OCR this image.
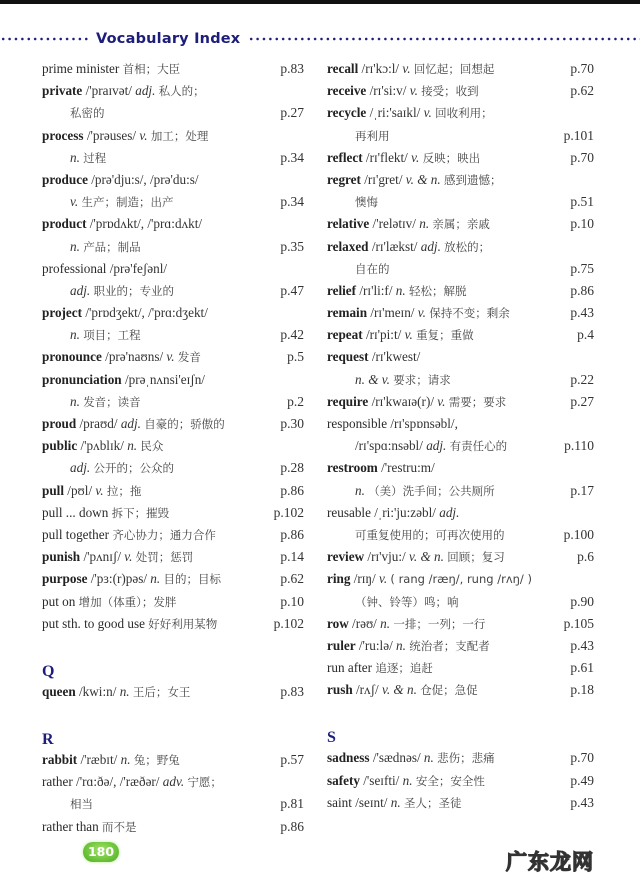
Vocabulary Index
prime minister 首相；大臣	p.83
private /'praɪvət/ adj. 私人的；
私密的	p.27
process /'prəuses/ v. 加工；处理
n. 过程	p.34
produce /prə'dju:s/, /prə'du:s/
v. 生产；制造；出产	p.34
product /'prɒdʌkt/, /'prɑ:dʌkt/
n. 产品；制品	p.35
professional /prə'feʃənl/
adj. 职业的；专业的	p.47
project /'prɒdʒekt/, /'prɑ:dʒekt/
n. 项目；工程	p.42
pronounce /prə'naʊns/ v. 发音	p.5
pronunciation /prəˌnʌnsi'eɪʃn/
n. 发音；读音	p.2
proud /praʊd/ adj. 自豪的；骄傲的	p.30
public /'pʌblɪk/ n. 民众
adj. 公开的；公众的	p.28
pull /pʊl/ v. 拉；拖	p.86
pull ... down 拆下；摧毁	p.102
pull together 齐心协力；通力合作	p.86
punish /'pʌnɪʃ/ v. 处罚；惩罚	p.14
purpose /'pɜ:(r)pəs/ n. 目的；目标	p.62
put on 增加（体重）；发胖	p.10
put sth. to good use 好好利用某物	p.102
Q
queen /kwi:n/ n. 王后；女王	p.83
R
rabbit /'ræbɪt/ n. 兔；野兔	p.57
rather /'rɑ:ðə/, /'ræðər/ adv. 宁愿；
相当	p.81
rather than 而不是	p.86
recall /rɪ'kɔ:l/ v. 回忆起；回想起	p.70
receive /rɪ'si:v/ v. 接受；收到	p.62
recycle /ˌri:'saɪkl/ v. 回收利用；
再利用	p.101
reflect /rɪ'flekt/ v. 反映；映出	p.70
regret /rɪ'gret/ v. & n. 感到遗憾；
懊悔	p.51
relative /'relətɪv/ n. 亲属；亲戚	p.10
relaxed /rɪ'lækst/ adj. 放松的；
自在的	p.75
relief /rɪ'li:f/ n. 轻松；解脱	p.86
remain /rɪ'meɪn/ v. 保持不变；剩余	p.43
repeat /rɪ'pi:t/ v. 重复；重做	p.4
request /rɪ'kwest/
n. & v. 要求；请求	p.22
require /rɪ'kwaɪə(r)/ v. 需要；要求	p.27
responsible /rɪ'spɒnsəbl/,
/rɪ'spɑ:nsəbl/ adj. 有责任心的	p.110
restroom /'restru:m/
n. （美）洗手间；公共厕所	p.17
reusable /ˌri:'ju:zəbl/ adj.
可重复使用的；可再次使用的	p.100
review /rɪ'vju:/ v. & n. 回顾；复习	p.6
ring /rɪŋ/ v. ( rang /ræŋ/, rung /rʌŋ/ )
（钟、铃等）鸣；响	p.90
row /rəʊ/ n. 一排；一列；一行	p.105
ruler /'ru:lə/ n. 统治者；支配者	p.43
run after 追逐；追赶	p.61
rush /rʌʃ/ v. & n. 仓促；急促	p.18
S
sadness /'sædnəs/ n. 悲伤；悲痛	p.70
safety /'seɪfti/ n. 安全；安全性	p.49
saint /seɪnt/ n. 圣人；圣徒	p.43
180	广东龙网
